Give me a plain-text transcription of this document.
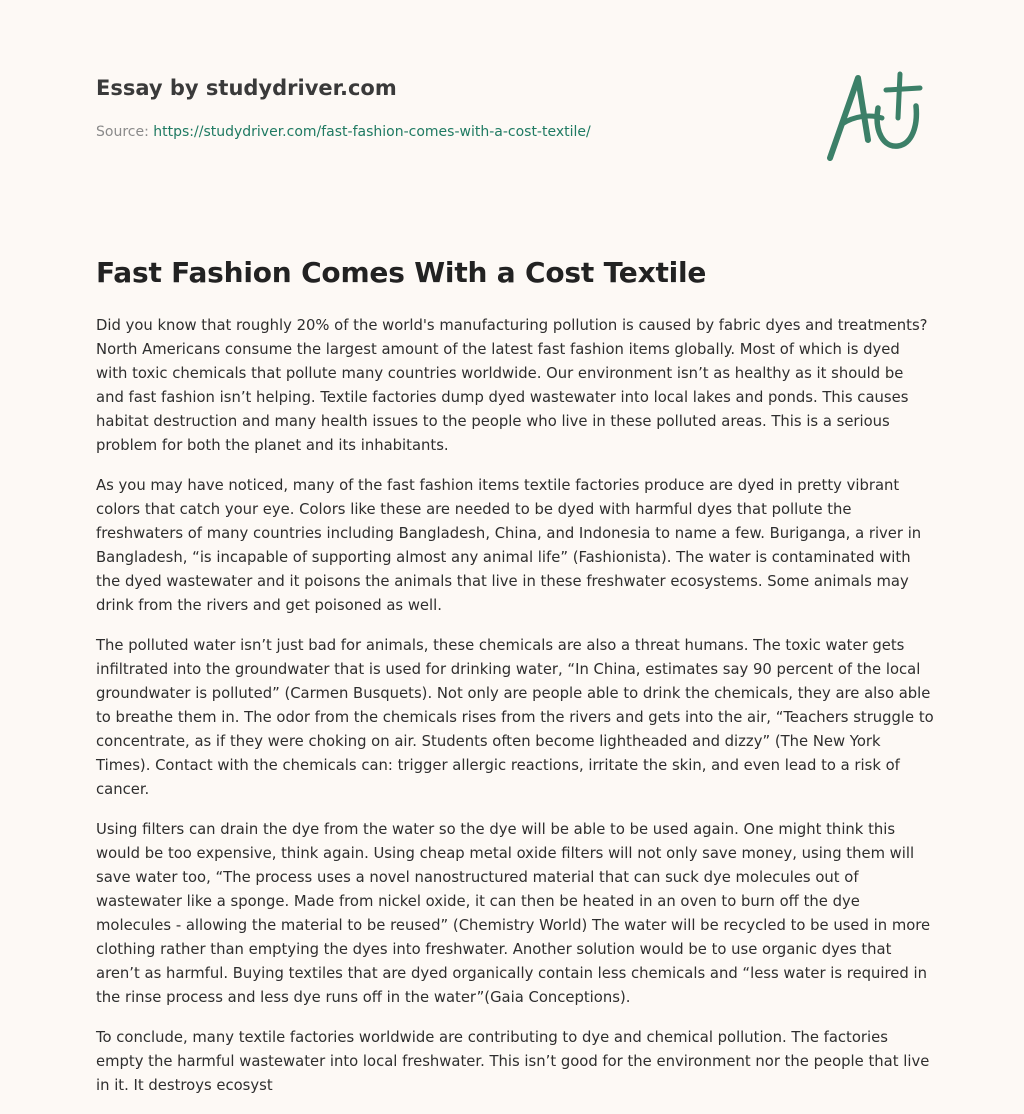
Essay by studydriver.com

Source: https://studydriver.com/fast-fashion-comes-with-a-cost-textile/

Fast Fashion Comes With a Cost Textile

Did you know that roughly 20% of the world's manufacturing pollution is caused by fabric dyes and treatments? North Americans consume the largest amount of the latest fast fashion items globally. Most of which is dyed with toxic chemicals that pollute many countries worldwide. Our environment isn’t as healthy as it should be and fast fashion isn’t helping. Textile factories dump dyed wastewater into local lakes and ponds. This causes habitat destruction and many health issues to the people who live in these polluted areas. This is a serious problem for both the planet and its inhabitants.

As you may have noticed, many of the fast fashion items textile factories produce are dyed in pretty vibrant colors that catch your eye. Colors like these are needed to be dyed with harmful dyes that pollute the freshwaters of many countries including Bangladesh, China, and Indonesia to name a few. Buriganga, a river in Bangladesh, “is incapable of supporting almost any animal life” (Fashionista). The water is contaminated with the dyed wastewater and it poisons the animals that live in these freshwater ecosystems. Some animals may drink from the rivers and get poisoned as well.

The polluted water isn’t just bad for animals, these chemicals are also a threat humans. The toxic water gets infiltrated into the groundwater that is used for drinking water, “In China, estimates say 90 percent of the local groundwater is polluted” (Carmen Busquets). Not only are people able to drink the chemicals, they are also able to breathe them in. The odor from the chemicals rises from the rivers and gets into the air, “Teachers struggle to concentrate, as if they were choking on air. Students often become lightheaded and dizzy” (The New York Times). Contact with the chemicals can: trigger allergic reactions, irritate the skin, and even lead to a risk of cancer.

Using filters can drain the dye from the water so the dye will be able to be used again. One might think this would be too expensive, think again. Using cheap metal oxide filters will not only save money, using them will save water too, “The process uses a novel nanostructured material that can suck dye molecules out of wastewater like a sponge. Made from nickel oxide, it can then be heated in an oven to burn off the dye molecules - allowing the material to be reused” (Chemistry World) The water will be recycled to be used in more clothing rather than emptying the dyes into freshwater. Another solution would be to use organic dyes that aren’t as harmful. Buying textiles that are dyed organically contain less chemicals and “less water is required in the rinse process and less dye runs off in the water”(Gaia Conceptions).

To conclude, many textile factories worldwide are contributing to dye and chemical pollution. The factories empty the harmful wastewater into local freshwater. This isn’t good for the environment nor the people that live in it. It destroys ecosyst
